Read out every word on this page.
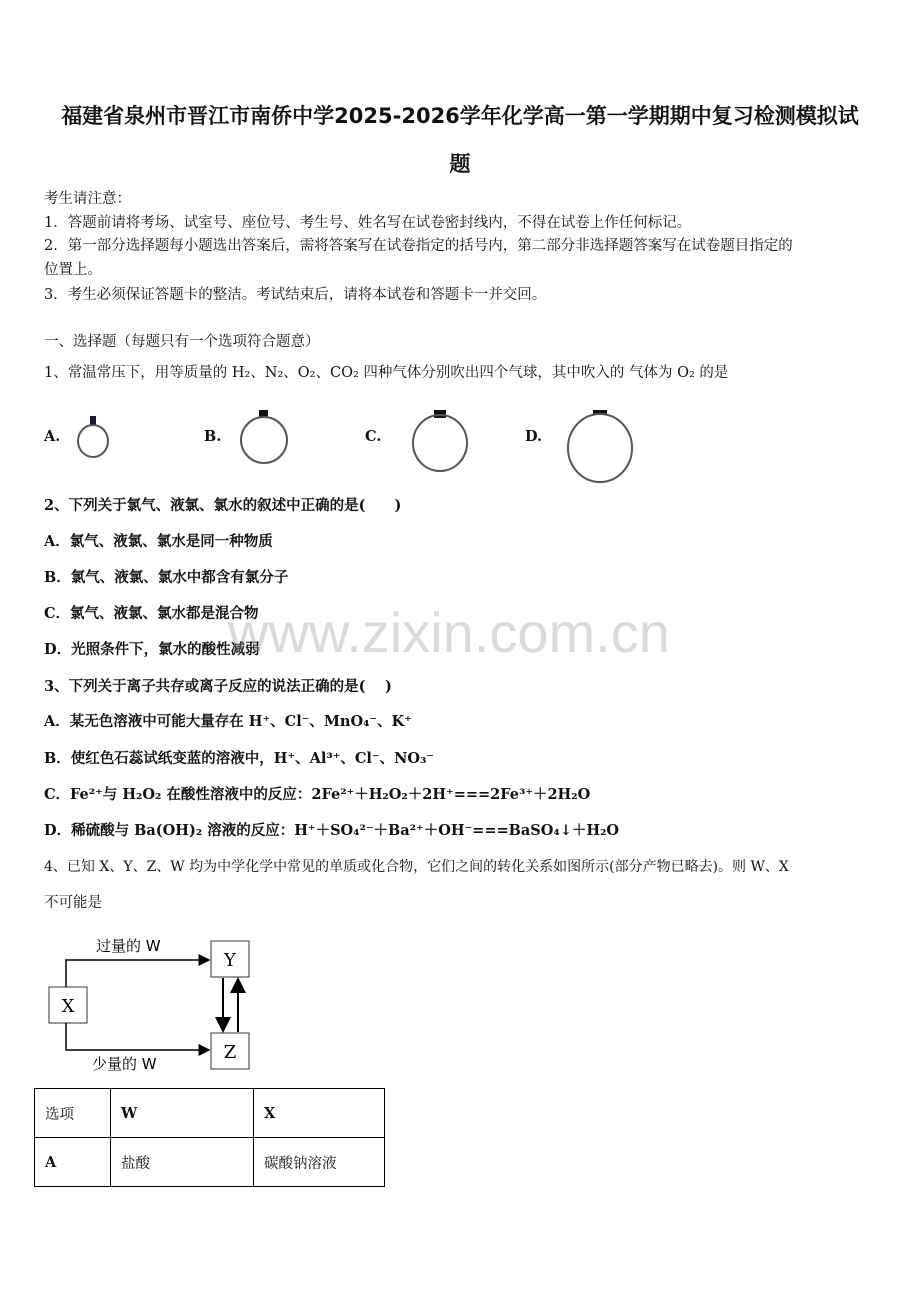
福建省泉州市晋江市南侨中学2025-2026学年化学高一第一学期期中复习检测模拟试
题
考生请注意：
1．答题前请将考场、试室号、座位号、考生号、姓名写在试卷密封线内，不得在试卷上作任何标记。
2．第一部分选择题每小题选出答案后，需将答案写在试卷指定的括号内，第二部分非选择题答案写在试卷题目指定的
位置上。
3．考生必须保证答题卡的整洁。考试结束后，请将本试卷和答题卡一并交回。
一、选择题（每题只有一个选项符合题意）
1、常温常压下，用等质量的 H₂、N₂、O₂、CO₂ 四种气体分别吹出四个气球，其中吹入的 气体为 O₂ 的是
A.	B.	C.	D.
2、下列关于氯气、液氯、氯水的叙述中正确的是(　　)
A．氯气、液氯、氯水是同一种物质
B．氯气、液氯、氯水中都含有氯分子
C．氯气、液氯、氯水都是混合物
D．光照条件下，氯水的酸性减弱
3、下列关于离子共存或离子反应的说法正确的是(　 )
A．某无色溶液中可能大量存在 H⁺、Cl⁻、MnO₄⁻、K⁺
B．使红色石蕊试纸变蓝的溶液中，H⁺、Al³⁺、Cl⁻、NO₃⁻
C．Fe²⁺与 H₂O₂ 在酸性溶液中的反应：2Fe²⁺＋H₂O₂＋2H⁺===2Fe³⁺＋2H₂O
D．稀硫酸与 Ba(OH)₂ 溶液的反应：H⁺＋SO₄²⁻＋Ba²⁺＋OH⁻===BaSO₄↓＋H₂O
4、已知 X、Y、Z、W 均为中学化学中常见的单质或化合物，它们之间的转化关系如图所示(部分产物已略去)。则 W、X
不可能是
X
Y
Z
过量的 W
少量的 W
选项	W	X
A	盐酸	碳酸钠溶液
www.zixin.com.cn
